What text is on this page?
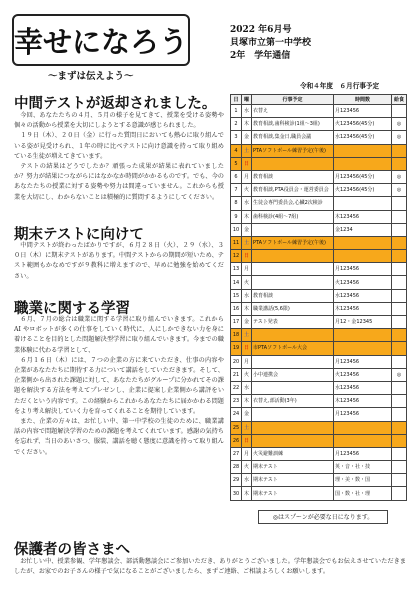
幸せになろう
～まずは伝えよう～
2022 年6月号
貝塚市立第一中学校
2年　学年通信
令和４年度　６月行事予定
中間テストが返却されました。

今回、あなたたちの４月、５月の様子を見てきて、授業を受ける姿勢や個々の活動から授業を大切にしようとする意識が感じられました。

１９日（木）、２０日（金）に行った質問日においても熱心に取り組んでいる姿が見受けられ、１年の時に比べテストに向け意識を持って取り組めている生徒が増えてきています。

テストの結果はどうでしたか？頑張った成果が結果に表れていましたか？努力が結果につながらにはなかなか時間がかかるものです。でも、今のあなたたちの授業に対する姿勢や努力は間違っていません。これからも授業を大切にし、わからないことは積極的に質問するようにしてください。

期末テストに向けて

中間テストが終わったばかりですが、６月２８日（火）、２９（水）、３０日（木）に期末テストがあります。中間テストからの期間が短いため、テスト範囲もかなめですが９教科に増えますので、早めに勉強を始めてください。

職業に関する学習

６月、７月の総合は職業に関する学習に取り組んでいきます。これから AI やロボットが多くの仕事をしていく時代に、人にしかできない力を身に着けることを目的とした問題解決型学習に取り組んでいきます。今までの職業体験に代わる学習として、

６月１６日（木）には、７つの企業の方に来ていただき、仕事の内容や企業があなたたちに期待する力について講話をしていただきます。そして、企業側から出された課題に対して、あなたたちがグループに分かれてその課題を解決する方法を考えてプレゼンし、企業に提案し企業側から講評をいただくという内容です。この経験からこれからあなたたちに届かかわる問題をより考え解決していく力を育ってくれることを期待しています。

また、企業の方々は、お忙しい中、第一中学校の生徒のために、職業講話の内容で問題解決学習のための課題を考えてくれています。感謝の気持ちを忘れず、当日のあいさつ、服装、講話を聴く態度に意識を持って取り組んでください。

保護者の皆さまへ

お忙しい中、授業参観、学年懇談会、部活動懇談会にご参加いただき、ありがとうございました。学年懇談会でもお伝えさせていただきましたが、お家でのお子さんの様子で気になることがございましたら、まずご連絡、ご相談よろしくお願いします。

日	曜	行事予定	時間数	給食
1	水	衣替え	月123456	
2	木	教育相談,歯科検診(1組～3組)	火123456(45分)	◎
3	金	教育相談,集金日,職員会議	水123456(45分)	◎
4	土	PTAソフトボール練習予定(午後)		
5	日			
6	月	教育相談	月123456(45分)	◎
7	火	教育相談,PTA役員会・運営委員会	火123456(45分)	◎
8	水	生徒会専門委員会,心臓2次検診		
9	木	歯科検診(4組～7組)	木123456	
10	金		金1234	
11	土	PTAソフトボール練習予定(午後)		
12	日			
13	月		月123456	
14	火		火123456	
15	水	教育相談	水123456	
16	木	職業講話(5,6限)	木123456	
17	金	テスト発表	月12・金12345	
18	土			
19	日	市PTAソフトボール大会		
20	月		月123456	
21	火	小中連携会	火123456	◎
22	水		水123456	
23	木	衣替え,部活動(3年)	木123456	
24	金		月123456	
25	土			
26	日			
27	月	火災避難訓練	月123456	
28	火	期末テスト	英・音・社・技	
29	水	期末テスト	理・美・数・国	
30	木	期末テスト	国・数・社・理	
◎はスプーンが必要な日になります。
